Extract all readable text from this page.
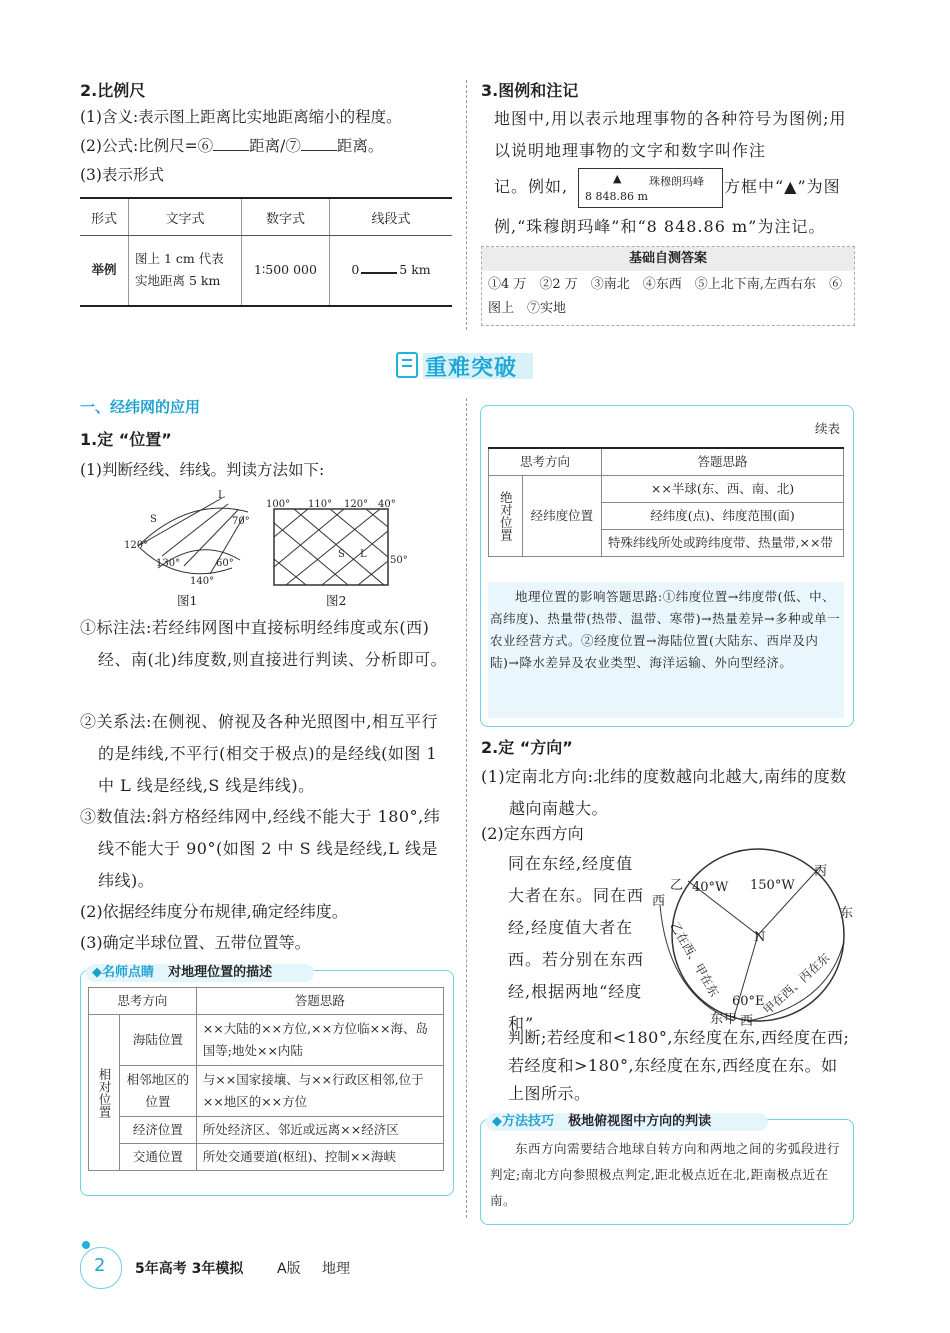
2.比例尺
(1)含义:表示图上距离比实地距离缩小的程度。
(2)公式:比例尺=⑥ 距离/⑦ 距离。
(3)表示形式
形式	文字式	数字式	线段式
举例	图上 1 cm 代表实地距离 5 km	1∶500 000	0 5 km
3.图例和注记
地图中,用以表示地理事物的各种符号为图例;用以说明地理事物的文字和数字叫作注
记。例如,	▲	珠穆朗玛峰
8 848.86 m
方框中“▲”为图
例,“珠穆朗玛峰”和“8 848.86 m”为注记。
基础自测答案
①4 万　②2 万　③南北　④东西　⑤上北下南,左西右东　⑥图上　⑦实地
重难突破
一、经纬网的应用
1.定 “位置”
(1)判断经线、纬线。判读方法如下:
L
S	70°
120°
130°	60°
140°
图1
100° 110° 120° 40°
S L
50°
图2
①标注法:若经纬网图中直接标明经纬度或东(西)经、南(北)纬度数,则直接进行判读、分析即可。
②关系法:在侧视、俯视及各种光照图中,相互平行的是纬线,不平行(相交于极点)的是经线(如图 1 中 L 线是经线,S 线是纬线)。
③数值法:斜方格经纬网中,经线不能大于 180°,纬线不能大于 90°(如图 2 中 S 线是经线,L 线是纬线)。
(2)依据经纬度分布规律,确定经纬度。
(3)确定半球位置、五带位置等。
◆名师点睛 对地理位置的描述
思考方向		答题思路
相对位置	海陆位置	××大陆的××方位,××方位临××海、岛国等;地处××内陆
	相邻地区的位置	与××国家接壤、与××行政区相邻,位于××地区的××方位
	经济位置	所处经济区、邻近或远离××经济区
	交通位置	所处交通要道(枢纽)、控制××海峡
续表
思考方向		答题思路
绝对位置	经纬度位置	××半球(东、西、南、北)
		经纬度(点)、纬度范围(面)
		特殊纬线所处或跨纬度带、热量带,××带
地理位置的影响答题思路:①纬度位置→纬度带(低、中、高纬度)、热量带(热带、温带、寒带)→热量差异→多种或单一农业经营方式。②经度位置→海陆位置(大陆东、西岸及内陆)→降水差异及农业类型、海洋运输、外向型经济。
2.定 “方向”
(1)定南北方向:北纬的度数越向北越大,南纬的度数越向南越大。
(2)定东西方向
同在东经,经度值大者在东。同在西经,经度值大者在西。若分别在东西经,根据两地“经度和”
判断;若经度和<180°,东经度在东,西经度在西;若经度和>180°,东经度在东,西经度在东。如上图所示。
乙 40°W 150°W
丙
N
60°E
甲
东
西
西
东
乙在西、甲在东	甲在西、丙在东
◆方法技巧 极地俯视图中方向的判读
东西方向需要结合地球自转方向和两地之间的劣弧段进行判定;南北方向参照极点判定,距北极点近在北,距南极点近在南。
2 5年高考 3年模拟 A版 地理
